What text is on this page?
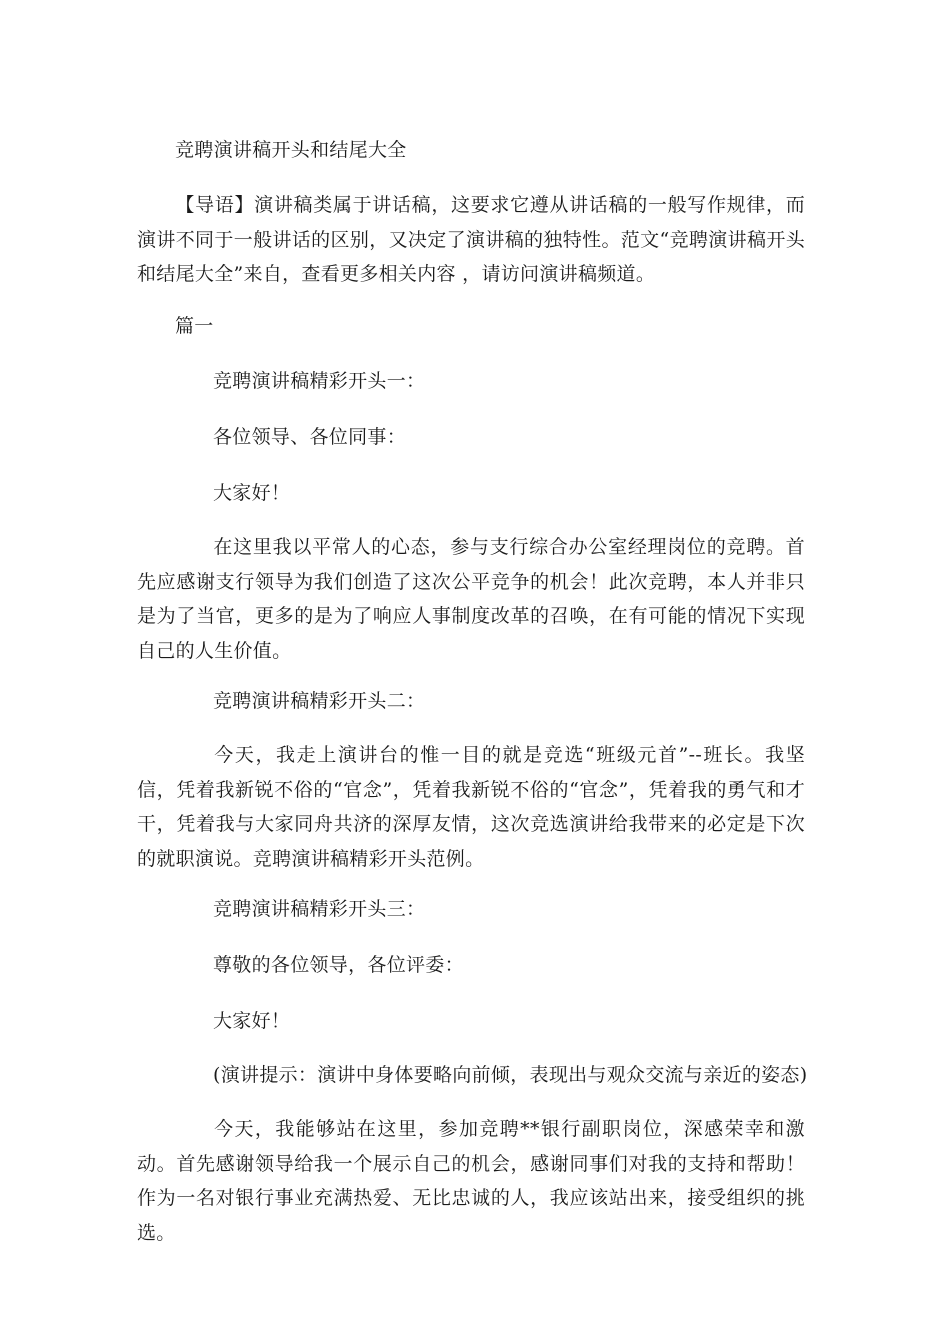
竞聘演讲稿开头和结尾大全
【导语】演讲稿类属于讲话稿，这要求它遵从讲话稿的一般写作规律，而演讲不同于一般讲话的区别，又决定了演讲稿的独特性。范文“竞聘演讲稿开头和结尾大全”来自，查看更多相关内容 ，请访问演讲稿频道。
篇一
竞聘演讲稿精彩开头一：
各位领导、各位同事：
大家好！
在这里我以平常人的心态，参与支行综合办公室经理岗位的竞聘。首先应感谢支行领导为我们创造了这次公平竞争的机会！此次竞聘，本人并非只是为了当官，更多的是为了响应人事制度改革的召唤，在有可能的情况下实现自己的人生价值。
竞聘演讲稿精彩开头二：
今天，我走上演讲台的惟一目的就是竞选“班级元首”--班长。我坚信，凭着我新锐不俗的“官念”，凭着我新锐不俗的“官念”，凭着我的勇气和才干，凭着我与大家同舟共济的深厚友情，这次竞选演讲给我带来的必定是下次的就职演说。竞聘演讲稿精彩开头范例。
竞聘演讲稿精彩开头三：
尊敬的各位领导，各位评委：
大家好！
(演讲提示：演讲中身体要略向前倾，表现出与观众交流与亲近的姿态)
今天，我能够站在这里，参加竞聘**银行副职岗位，深感荣幸和激动。首先感谢领导给我一个展示自己的机会，感谢同事们对我的支持和帮助！作为一名对银行事业充满热爱、无比忠诚的人，我应该站出来，接受组织的挑选。
